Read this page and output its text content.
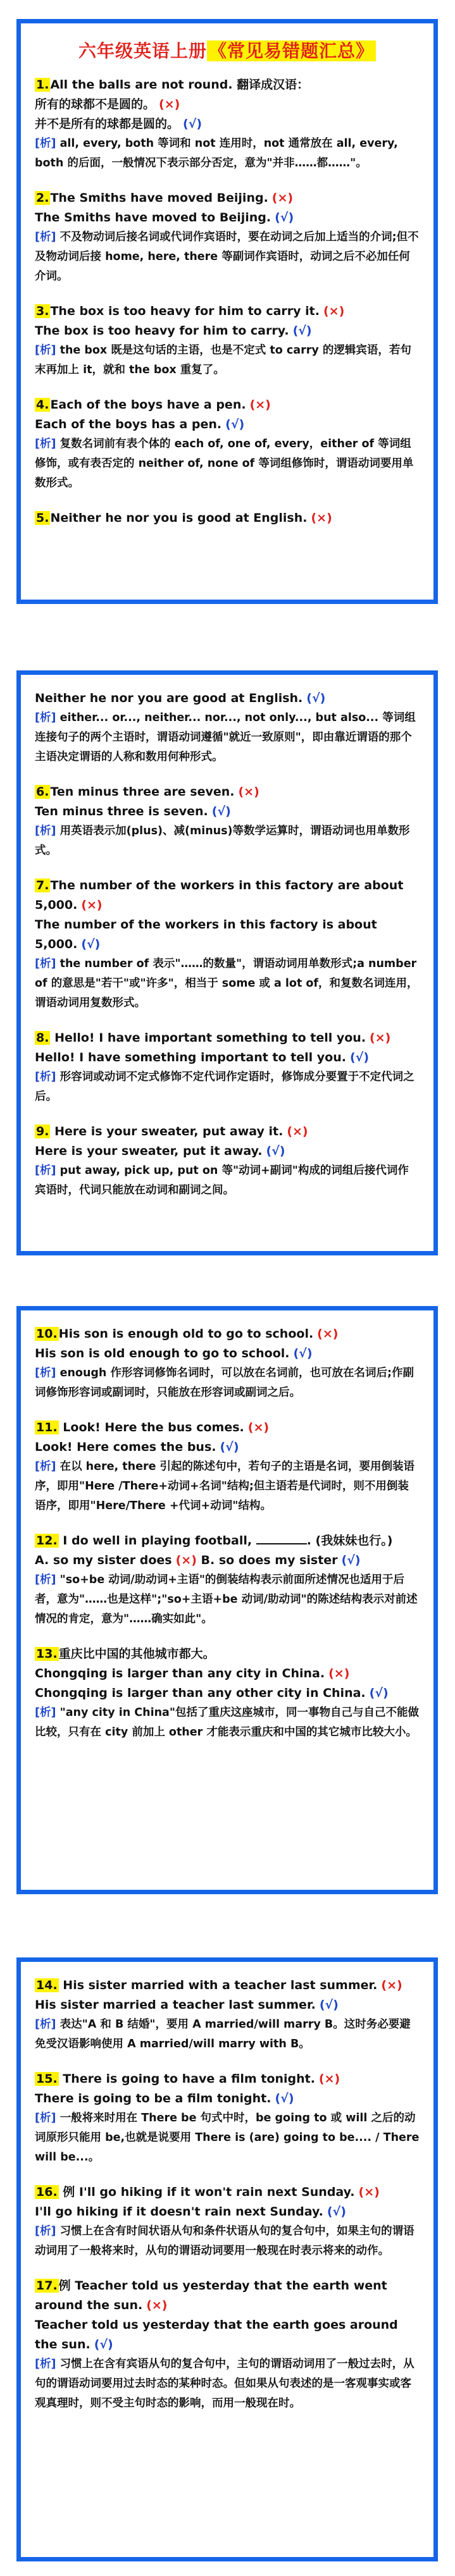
六年级英语上册 《常见易错题汇总》

1. All the balls are not round. 翻译成汉语：

所有的球都不是圆的。 (×)

并不是所有的球都是圆的。 (√)

[析] all, every, both 等词和 not 连用时，not 通常放在 all, every, both 的后面，一般情况下表示部分否定，意为"并非……都……"。

2. The Smiths have moved Beijing. (×)

The Smiths have moved to Beijing. (√)

[析] 不及物动词后接名词或代词作宾语时，要在动词之后加上适当的介词;但不及物动词后接 home, here, there 等副词作宾语时，动词之后不必加任何介词。

3. The box is too heavy for him to carry it. (×)

The box is too heavy for him to carry. (√)

[析] the box 既是这句话的主语，也是不定式 to carry 的逻辑宾语，若句末再加上 it，就和 the box 重复了。

4. Each of the boys have a pen. (×)

Each of the boys has a pen. (√)

[析] 复数名词前有表个体的 each of, one of, every，either of 等词组修饰，或有表否定的 neither of, none of 等词组修饰时，谓语动词要用单数形式。

5. Neither he nor you is good at English. (×)

Neither he nor you are good at English. (√)

[析] either... or..., neither... nor..., not only..., but also... 等词组连接句子的两个主语时，谓语动词遵循"就近一致原则"，即由靠近谓语的那个主语决定谓语的人称和数用何种形式。

6. Ten minus three are seven. (×)

Ten minus three is seven. (√)

[析] 用英语表示加(plus)、减(minus)等数学运算时，谓语动词也用单数形式。

7. The number of the workers in this factory are about 5,000. (×)

The number of the workers in this factory is about 5,000. (√)

[析] the number of 表示"……的数量"，谓语动词用单数形式;a number of 的意思是"若干"或"许多"，相当于 some 或 a lot of，和复数名词连用，谓语动词用复数形式。

8. Hello! I have important something to tell you. (×)

Hello! I have something important to tell you. (√)

[析] 形容词或动词不定式修饰不定代词作定语时，修饰成分要置于不定代词之后。

9. Here is your sweater, put away it. (×)

Here is your sweater, put it away. (√)

[析] put away, pick up, put on 等"动词+副词"构成的词组后接代词作宾语时，代词只能放在动词和副词之间。

10. His son is enough old to go to school. (×)

His son is old enough to go to school. (√)

[析] enough 作形容词修饰名词时，可以放在名词前，也可放在名词后;作副词修饰形容词或副词时，只能放在形容词或副词之后。

11. Look! Here the bus comes. (×)

Look! Here comes the bus. (√)

[析] 在以 here, there 引起的陈述句中，若句子的主语是名词，要用倒装语序，即用"Here /There+动词+名词"结构;但主语若是代词时，则不用倒装语序，即用"Here/There +代词+动词"结构。

12. I do well in playing football,	. (我妹妹也行。)

A. so my sister does (×) B. so does my sister (√)

[析] "so+be 动词/助动词+主语"的倒装结构表示前面所述情况也适用于后者，意为"……也是这样";"so+主语+be 动词/助动词"的陈述结构表示对前述情况的肯定，意为"……确实如此"。

13. 重庆比中国的其他城市都大。

Chongqing is larger than any city in China. (×)

Chongqing is larger than any other city in China. (√)

[析] "any city in China"包括了重庆这座城市，同一事物自己与自己不能做比较，只有在 city 前加上 other 才能表示重庆和中国的其它城市比较大小。

14. His sister married with a teacher last summer. (×)

His sister married a teacher last summer. (√)

[析] 表达"A 和 B 结婚"，要用 A married/will marry B。这时务必要避免受汉语影响使用 A married/will marry with B。

15. There is going to have a film tonight. (×)

There is going to be a film tonight. (√)

[析] 一般将来时用在 There be 句式中时，be going to 或 will 之后的动词原形只能用 be,也就是说要用 There is (are) going to be.... / There will be...。

16. 例 I'll go hiking if it won't rain next Sunday. (×)

I'll go hiking if it doesn't rain next Sunday. (√)

[析] 习惯上在含有时间状语从句和条件状语从句的复合句中，如果主句的谓语动词用了一般将来时，从句的谓语动词要用一般现在时表示将来的动作。

17. 例 Teacher told us yesterday that the earth went around the sun. (×)

Teacher told us yesterday that the earth goes around the sun. (√)

[析] 习惯上在含有宾语从句的复合句中，主句的谓语动词用了一般过去时，从句的谓语动词要用过去时态的某种时态。但如果从句表述的是一客观事实或客观真理时，则不受主句时态的影响，而用一般现在时。
